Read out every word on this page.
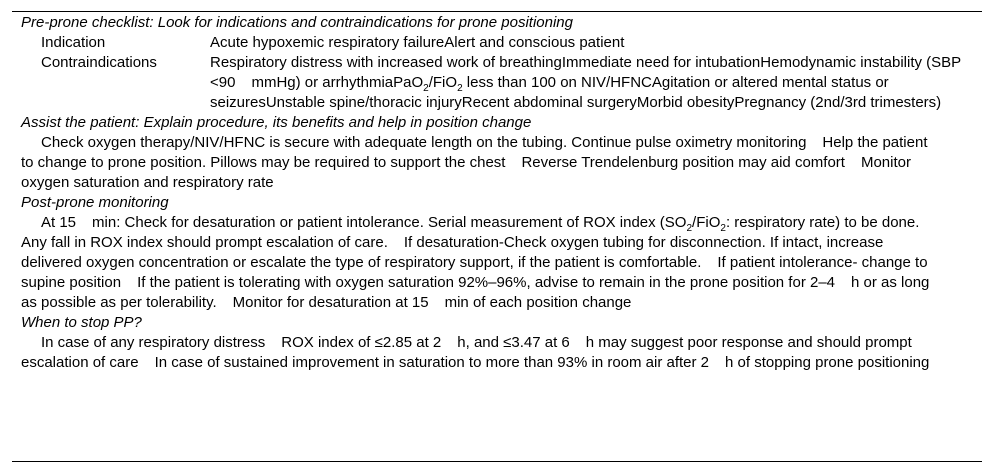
Pre-prone checklist: Look for indications and contraindications for prone positioning

Indication	Acute hypoxemic respiratory failureAlert and conscious patient
Contraindications	Respiratory distress with increased work of breathingImmediate need for intubationHemodynamic instability (SBP <90 mmHg) or arrhythmiaPaO$_2$/FiO$_2$ less than 100 on NIV/HFNCAgitation or altered mental status or seizuresUnstable spine/thoracic injuryRecent abdominal surgeryMorbid obesityPregnancy (2nd/3rd trimesters)

Assist the patient: Explain procedure, its benefits and help in position change

Check oxygen therapy/NIV/HFNC is secure with adequate length on the tubing. Continue pulse oximetry monitoring Help the patient to change to prone position. Pillows may be required to support the chest Reverse Trendelenburg position may aid comfort Monitor oxygen saturation and respiratory rate

Post-prone monitoring

At 15 min: Check for desaturation or patient intolerance. Serial measurement of ROX index ($SO_2/FiO_2$: respiratory rate) to be done. Any fall in ROX index should prompt escalation of care. If desaturation-Check oxygen tubing for disconnection. If intact, increase delivered oxygen concentration or escalate the type of respiratory support, if the patient is comfortable. If patient intolerance- change to supine position If the patient is tolerating with oxygen saturation 92%–96%, advise to remain in the prone position for 2–4 h or as long as possible as per tolerability. Monitor for desaturation at 15 min of each position change

When to stop PP?

In case of any respiratory distress ROX index of ≤2.85 at 2 h, and ≤3.47 at 6 h may suggest poor response and should prompt escalation of care In case of sustained improvement in saturation to more than 93% in room air after 2 h of stopping prone positioning
